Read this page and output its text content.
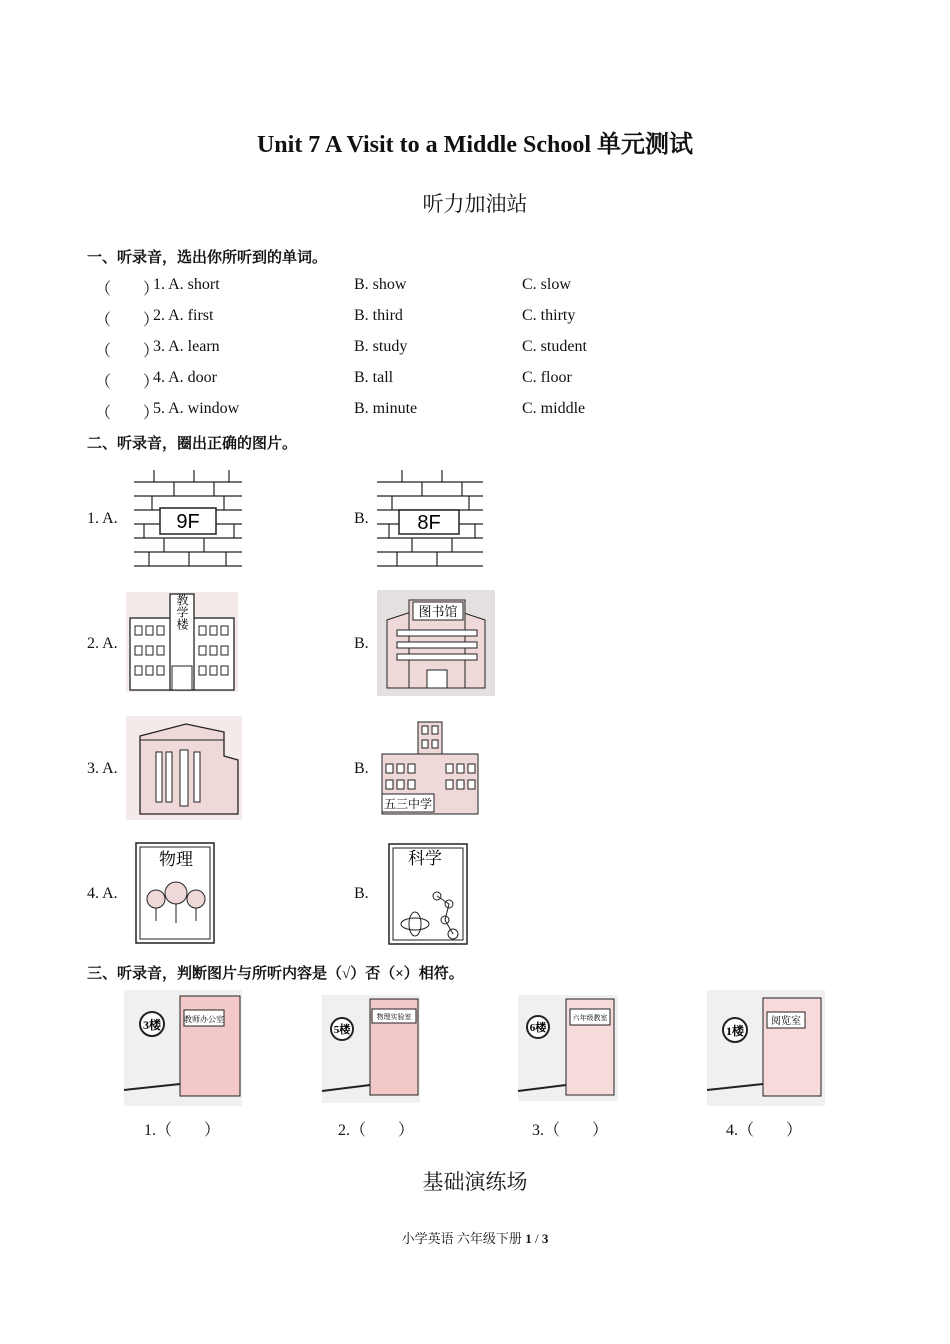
Unit 7 A Visit to a Middle School 单元测试
听力加油站
一、听录音，选出你所听到的单词。
（　　）
1. A. short	B. show	C. slow
（　　）
2. A. first	B. third	C. thirty
（　　）
3. A. learn	B. study	C. student
（　　）
4. A. door	B. tall	C. floor
（　　）
5. A. window	B. minute	C. middle
二、听录音，圈出正确的图片。
1. A.	9F	B. 8F
2. A.
教学楼
B.
图书馆
3. A.	B.
五三中学
4. A.
物理
B.
科学
三、听录音，判断图片与所听内容是（√）否（×）相符。
教师办公室
3楼
物理实验室
5楼
六年级教室
6楼
阅览室
1楼
1.（　　）	2.（　　）	3.（　　）	4.（　　）
基础演练场
小学英语 六年级下册 1 / 3
